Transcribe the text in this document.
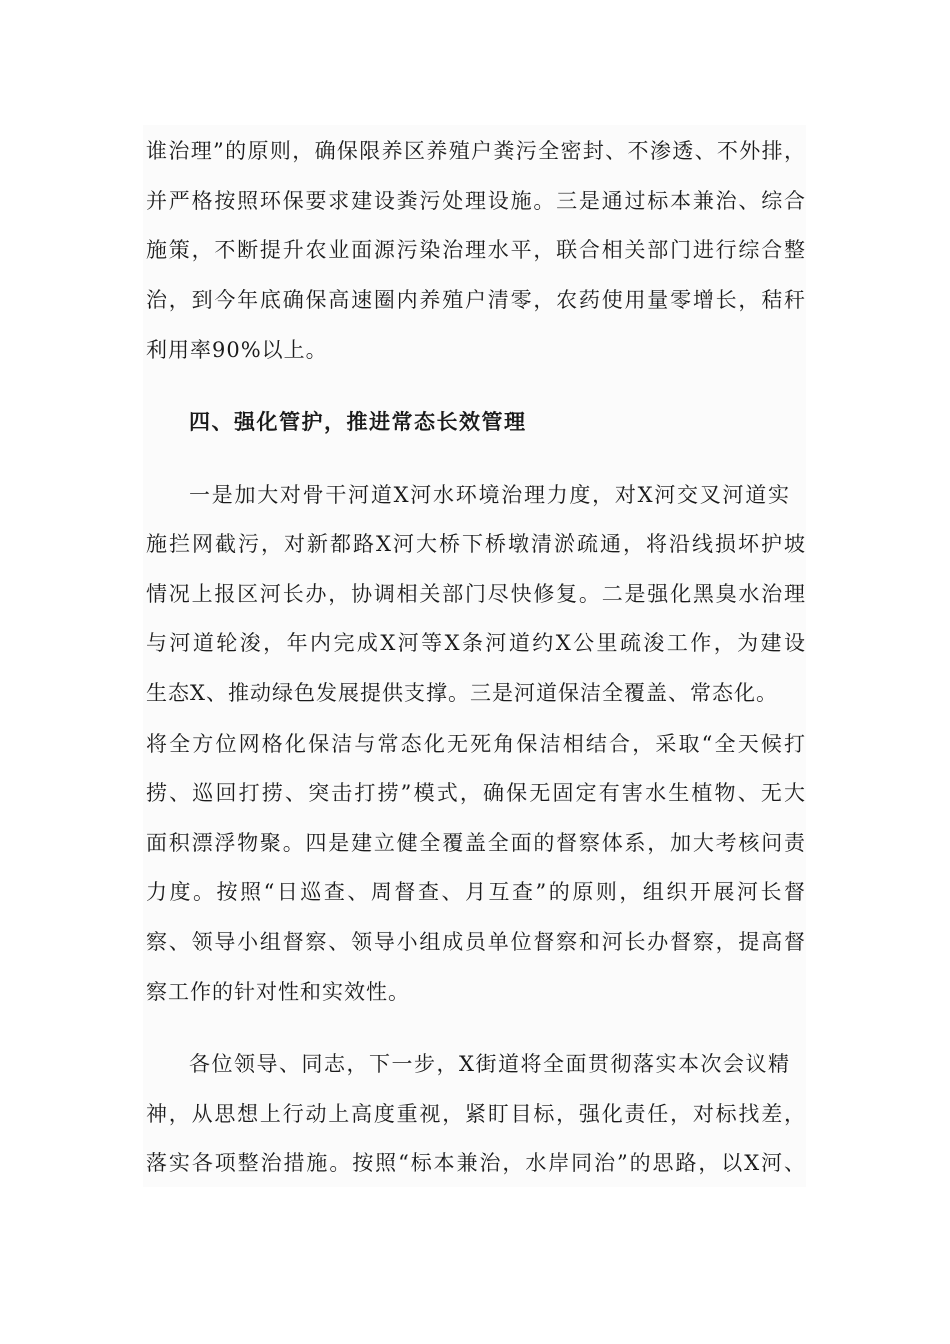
谁治理”的原则，确保限养区养殖户粪污全密封、不渗透、不外排，
并严格按照环保要求建设粪污处理设施。三是通过标本兼治、综合
施策，不断提升农业面源污染治理水平，联合相关部门进行综合整
治，到今年底确保高速圈内养殖户清零，农药使用量零增长，秸秆
利用率90%以上。
四、强化管护，推进常态长效管理
一是加大对骨干河道X河水环境治理力度，对X河交叉河道实
施拦网截污，对新都路X河大桥下桥墩清淤疏通，将沿线损坏护坡
情况上报区河长办，协调相关部门尽快修复。二是强化黑臭水治理
与河道轮浚，年内完成X河等X条河道约X公里疏浚工作，为建设
生态X、推动绿色发展提供支撑。三是河道保洁全覆盖、常态化。
将全方位网格化保洁与常态化无死角保洁相结合，采取“全天候打
捞、巡回打捞、突击打捞”模式，确保无固定有害水生植物、无大
面积漂浮物聚。四是建立健全覆盖全面的督察体系，加大考核问责
力度。按照“日巡查、周督查、月互查”的原则，组织开展河长督
察、领导小组督察、领导小组成员单位督察和河长办督察，提高督
察工作的针对性和实效性。
各位领导、同志，下一步，X街道将全面贯彻落实本次会议精
神，从思想上行动上高度重视，紧盯目标，强化责任，对标找差，
落实各项整治措施。按照“标本兼治，水岸同治”的思路，以X河、
